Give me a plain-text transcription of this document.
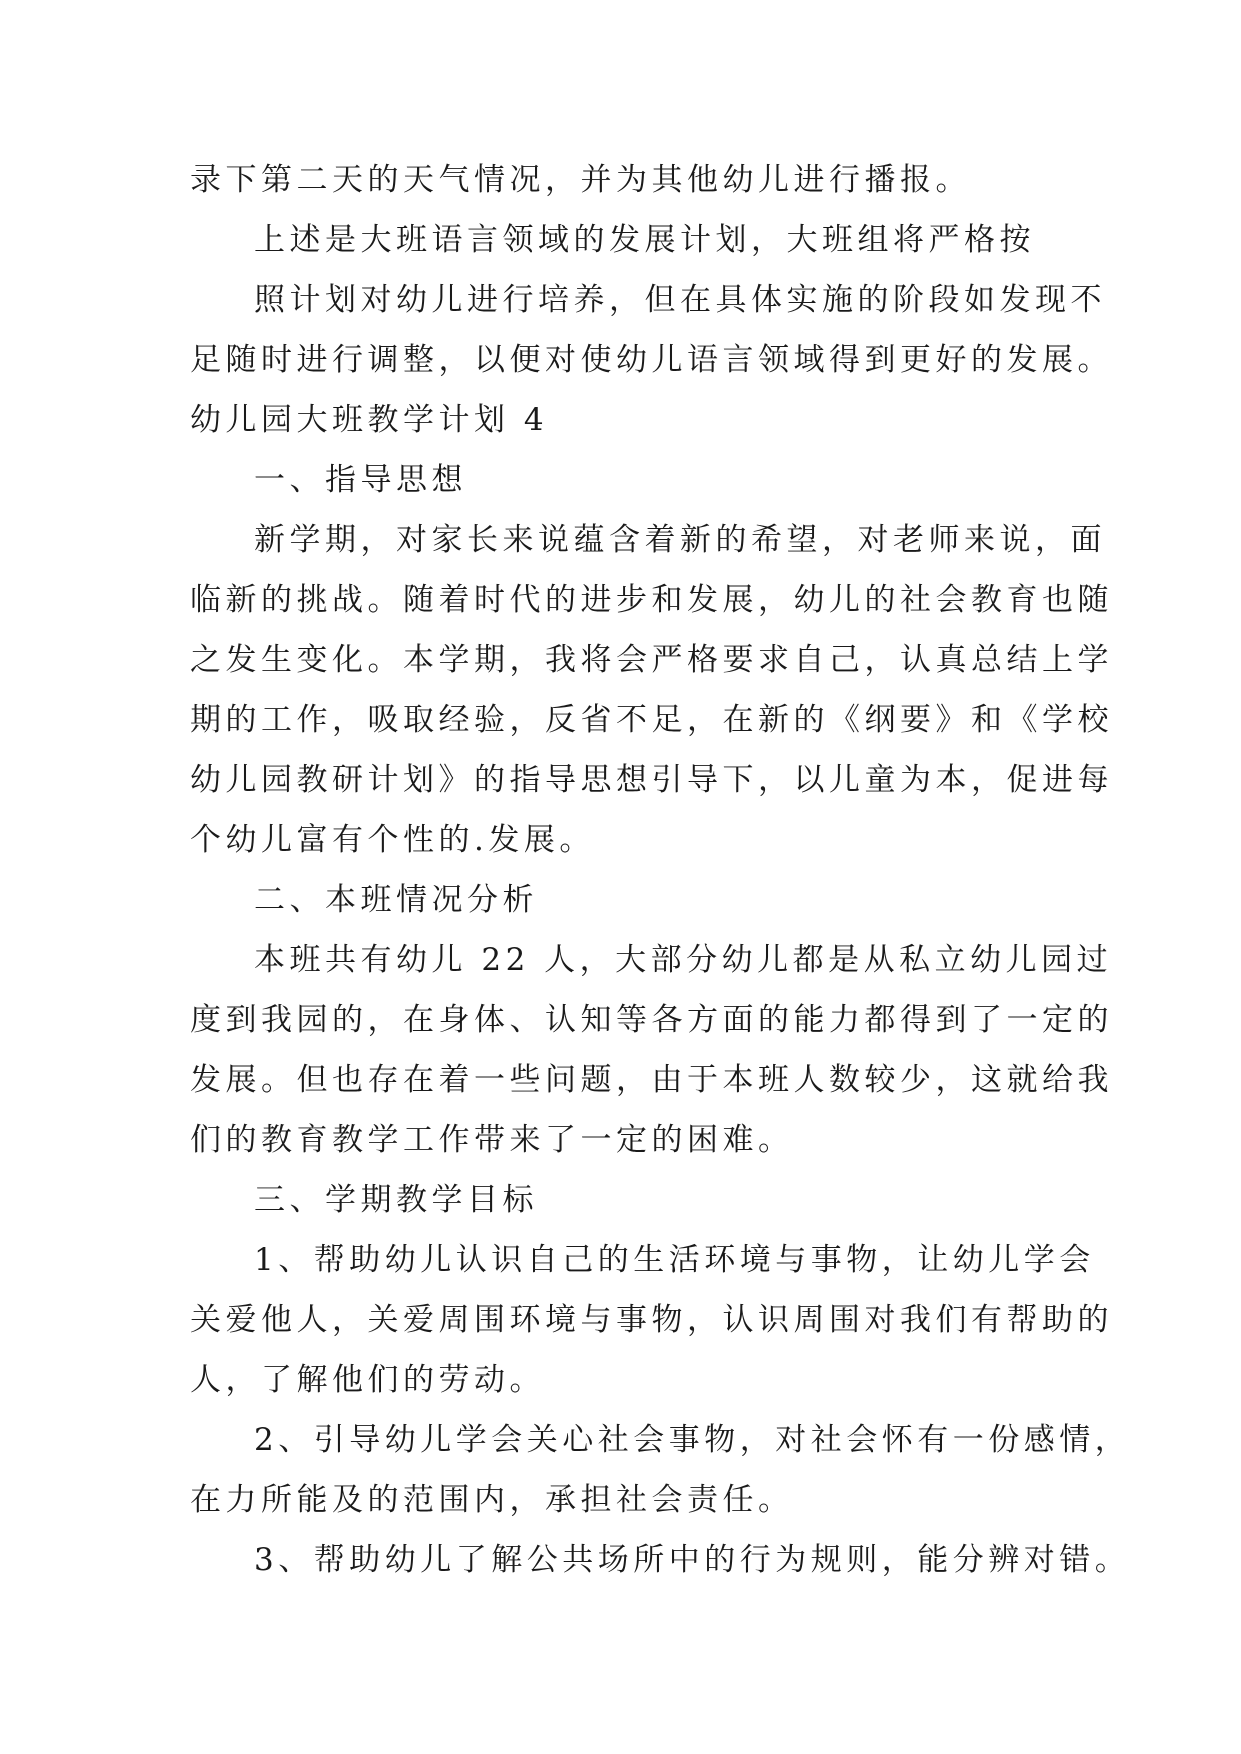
录下第二天的天气情况，并为其他幼儿进行播报。
上述是大班语言领域的发展计划，大班组将严格按
照计划对幼儿进行培养，但在具体实施的阶段如发现不
足随时进行调整，以便对使幼儿语言领域得到更好的发展。
幼儿园大班教学计划 4
一、指导思想
新学期，对家长来说蕴含着新的希望，对老师来说，面
临新的挑战。随着时代的进步和发展，幼儿的社会教育也随
之发生变化。本学期，我将会严格要求自己，认真总结上学
期的工作，吸取经验，反省不足，在新的《纲要》和《学校
幼儿园教研计划》的指导思想引导下，以儿童为本，促进每
个幼儿富有个性的.发展。
二、本班情况分析
本班共有幼儿 22 人，大部分幼儿都是从私立幼儿园过
度到我园的，在身体、认知等各方面的能力都得到了一定的
发展。但也存在着一些问题，由于本班人数较少，这就给我
们的教育教学工作带来了一定的困难。
三、学期教学目标
1、帮助幼儿认识自己的生活环境与事物，让幼儿学会
关爱他人，关爱周围环境与事物，认识周围对我们有帮助的
人，了解他们的劳动。
2、引导幼儿学会关心社会事物，对社会怀有一份感情，
在力所能及的范围内，承担社会责任。
3、帮助幼儿了解公共场所中的行为规则，能分辨对错。
